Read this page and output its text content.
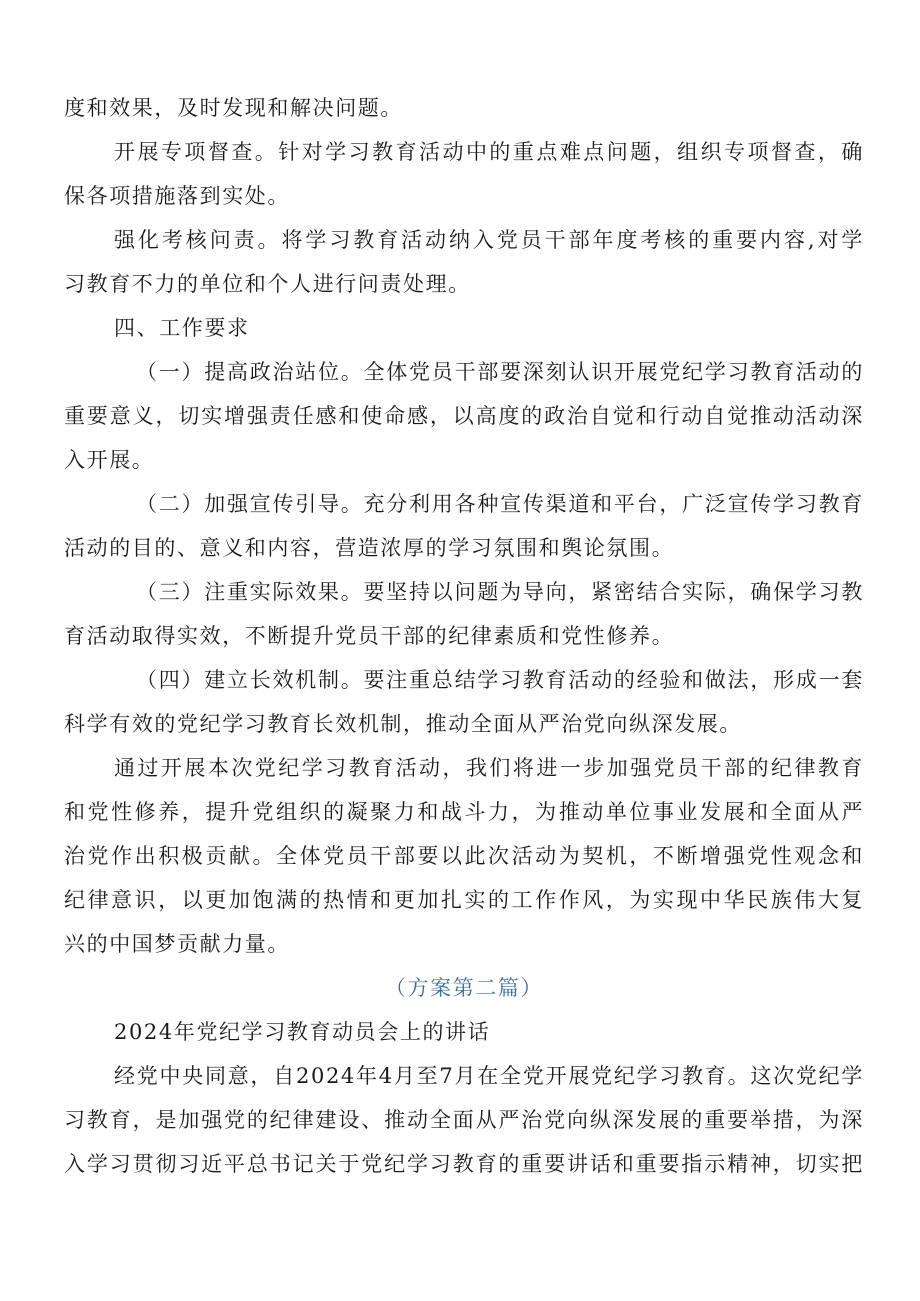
度和效果，及时发现和解决问题。
开展专项督查。针对学习教育活动中的重点难点问题，组织专项督查，确
保各项措施落到实处。
强化考核问责。将学习教育活动纳入党员干部年度考核的重要内容,对学
习教育不力的单位和个人进行问责处理。
四、工作要求
（一）提高政治站位。全体党员干部要深刻认识开展党纪学习教育活动的
重要意义，切实增强责任感和使命感，以高度的政治自觉和行动自觉推动活动深
入开展。
（二）加强宣传引导。充分利用各种宣传渠道和平台，广泛宣传学习教育
活动的目的、意义和内容，营造浓厚的学习氛围和舆论氛围。
（三）注重实际效果。要坚持以问题为导向，紧密结合实际，确保学习教
育活动取得实效，不断提升党员干部的纪律素质和党性修养。
（四）建立长效机制。要注重总结学习教育活动的经验和做法，形成一套
科学有效的党纪学习教育长效机制，推动全面从严治党向纵深发展。
通过开展本次党纪学习教育活动，我们将进一步加强党员干部的纪律教育
和党性修养，提升党组织的凝聚力和战斗力，为推动单位事业发展和全面从严
治党作出积极贡献。全体党员干部要以此次活动为契机，不断增强党性观念和
纪律意识，以更加饱满的热情和更加扎实的工作作风，为实现中华民族伟大复
兴的中国梦贡献力量。
（方案第二篇）
2024年党纪学习教育动员会上的讲话
经党中央同意，自2024年4月至7月在全党开展党纪学习教育。这次党纪学
习教育，是加强党的纪律建设、推动全面从严治党向纵深发展的重要举措，为深
入学习贯彻习近平总书记关于党纪学习教育的重要讲话和重要指示精神，切实把
